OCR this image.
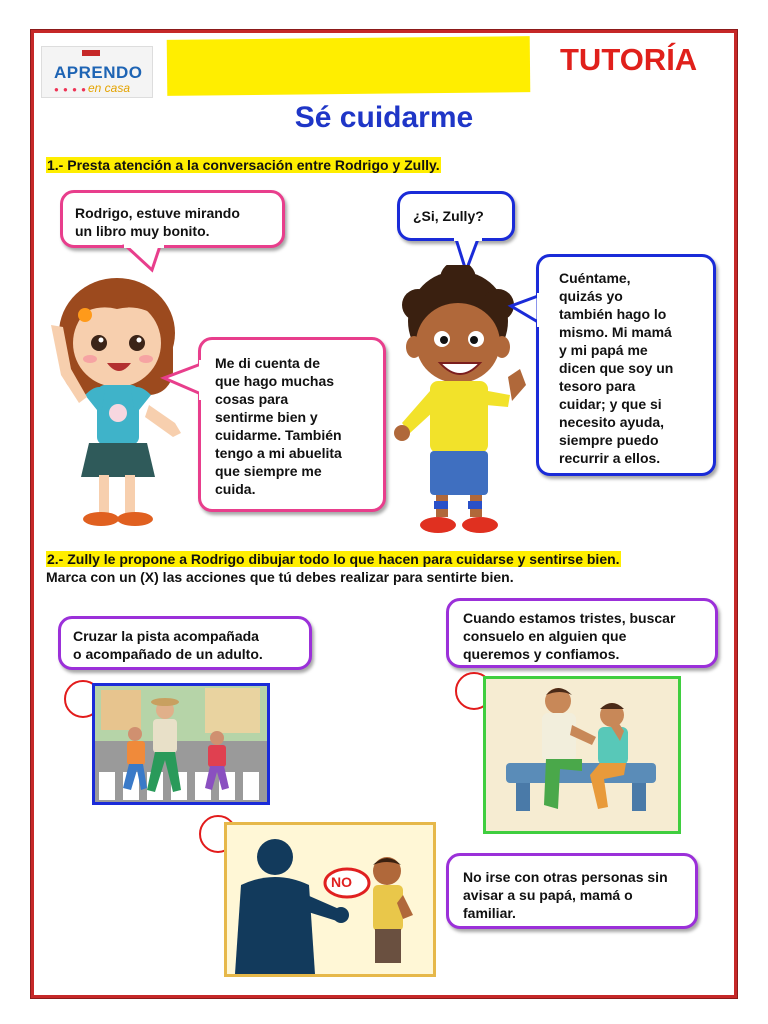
APRENDO
● ● ● ● en casa
TUTORÍA
Sé cuidarme
1.- Presta atención a la conversación entre Rodrigo y Zully.
Rodrigo, estuve mirando
un libro muy bonito.
¿Si, Zully?
Me di cuenta de
que hago muchas
cosas para
sentirme bien y
cuidarme. También
tengo a mi abuelita
que siempre me
cuida.
Cuéntame,
quizás yo
también hago lo
mismo. Mi mamá
y mi papá me
dicen que soy un
tesoro para
cuidar; y que si
necesito ayuda,
siempre puedo
recurrir a ellos.
2.- Zully le propone a Rodrigo dibujar todo lo que hacen para cuidarse y sentirse bien.
Marca con un (X) las acciones que tú debes realizar para sentirte bien.
Cruzar la pista acompañada
o acompañado de un adulto.
Cuando estamos tristes, buscar
consuelo en alguien que
queremos y confiamos.
NO	No irse con otras personas sin
avisar a su papá, mamá o
familiar.
